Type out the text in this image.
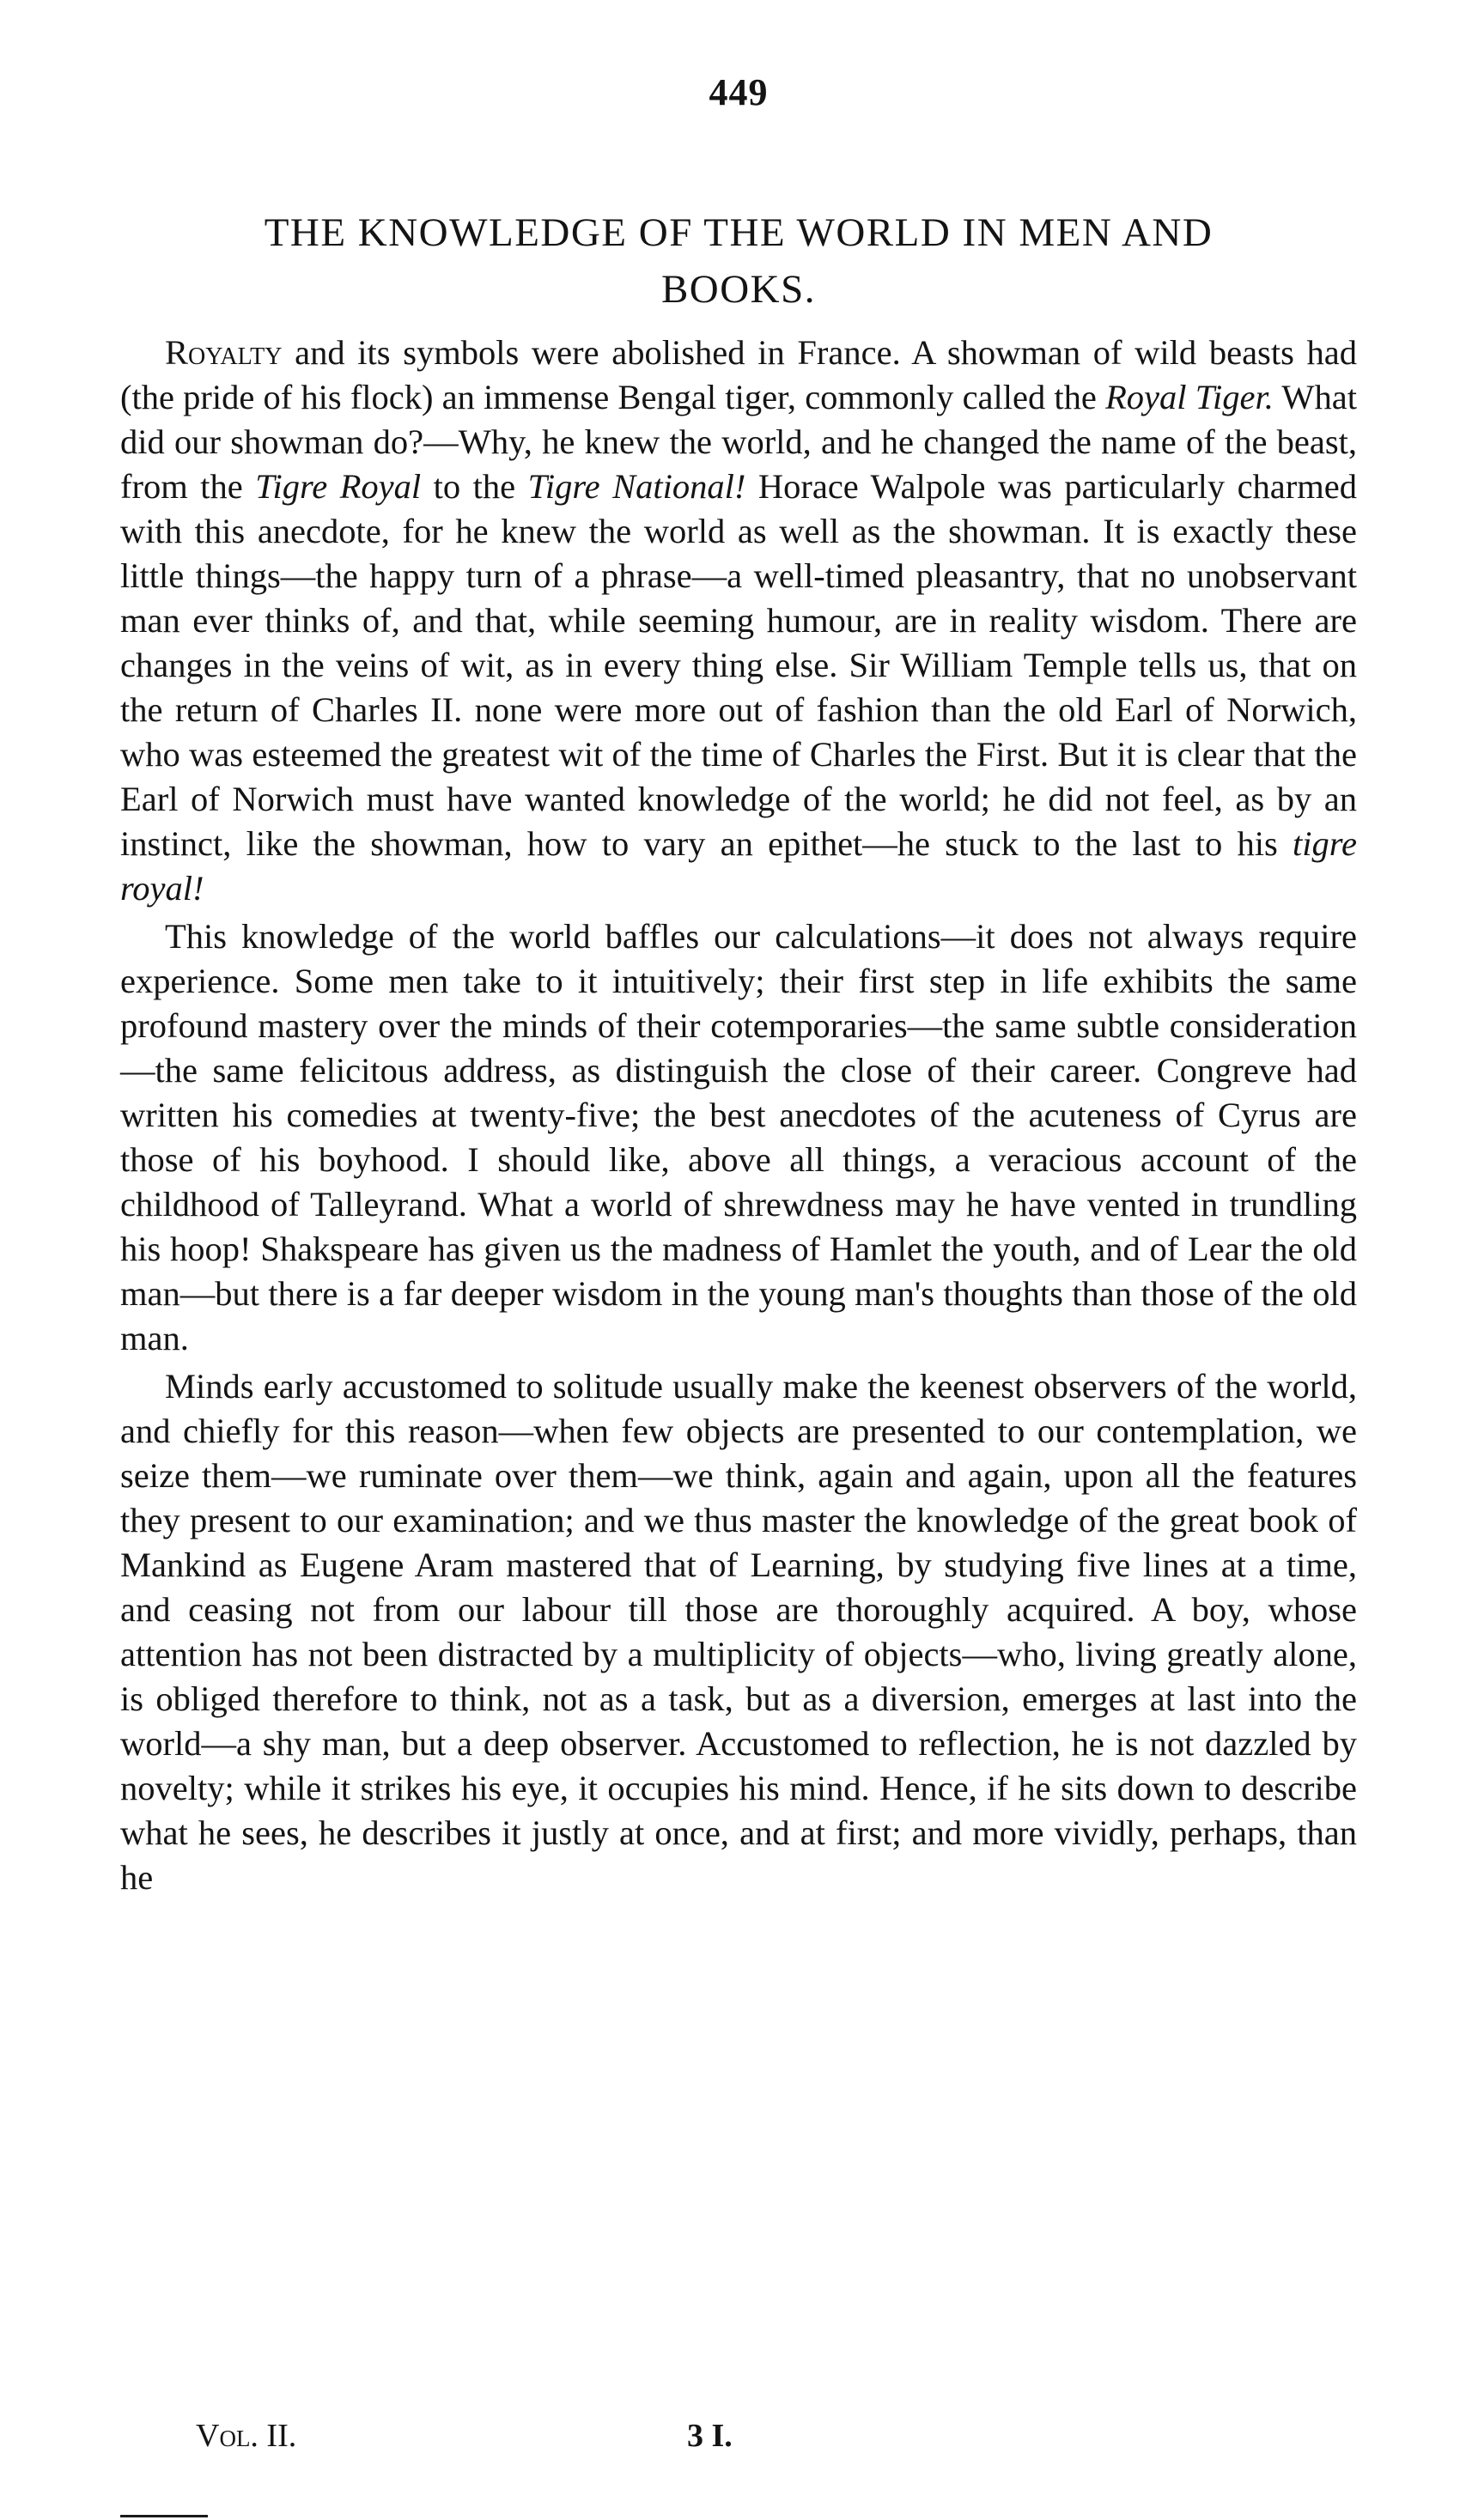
449
THE KNOWLEDGE OF THE WORLD IN MEN AND
BOOKS.

Royalty and its symbols were abolished in France. A showman of wild beasts had (the pride of his flock) an immense Bengal tiger, commonly called the Royal Tiger. What did our showman do?—Why, he knew the world, and he changed the name of the beast, from the Tigre Royal to the Tigre National! Horace Walpole was particularly charmed with this anecdote, for he knew the world as well as the showman. It is exactly these little things—the happy turn of a phrase—a well-timed pleasantry, that no unobservant man ever thinks of, and that, while seeming humour, are in reality wisdom. There are changes in the veins of wit, as in every thing else. Sir William Temple tells us, that on the return of Charles II. none were more out of fashion than the old Earl of Norwich, who was esteemed the greatest wit of the time of Charles the First. But it is clear that the Earl of Norwich must have wanted knowledge of the world; he did not feel, as by an instinct, like the showman, how to vary an epithet—he stuck to the last to his tigre royal!

This knowledge of the world baffles our calculations—it does not always require experience. Some men take to it intuitively; their first step in life exhibits the same profound mastery over the minds of their cotemporaries—the same subtle consideration—the same felicitous address, as distinguish the close of their career. Congreve had written his comedies at twenty-five; the best anecdotes of the acuteness of Cyrus are those of his boyhood. I should like, above all things, a veracious account of the childhood of Talleyrand. What a world of shrewdness may he have vented in trundling his hoop! Shakspeare has given us the madness of Hamlet the youth, and of Lear the old man—but there is a far deeper wisdom in the young man's thoughts than those of the old man.

Minds early accustomed to solitude usually make the keenest observers of the world, and chiefly for this reason—when few objects are presented to our contemplation, we seize them—we ruminate over them—we think, again and again, upon all the features they present to our examination; and we thus master the knowledge of the great book of Mankind as Eugene Aram mastered that of Learning, by studying five lines at a time, and ceasing not from our labour till those are thoroughly acquired. A boy, whose attention has not been distracted by a multiplicity of objects—who, living greatly alone, is obliged therefore to think, not as a task, but as a diversion, emerges at last into the world—a shy man, but a deep observer. Accustomed to reflection, he is not dazzled by novelty; while it strikes his eye, it occupies his mind. Hence, if he sits down to describe what he sees, he describes it justly at once, and at first; and more vividly, perhaps, than he

Vol. II.	3 I.
